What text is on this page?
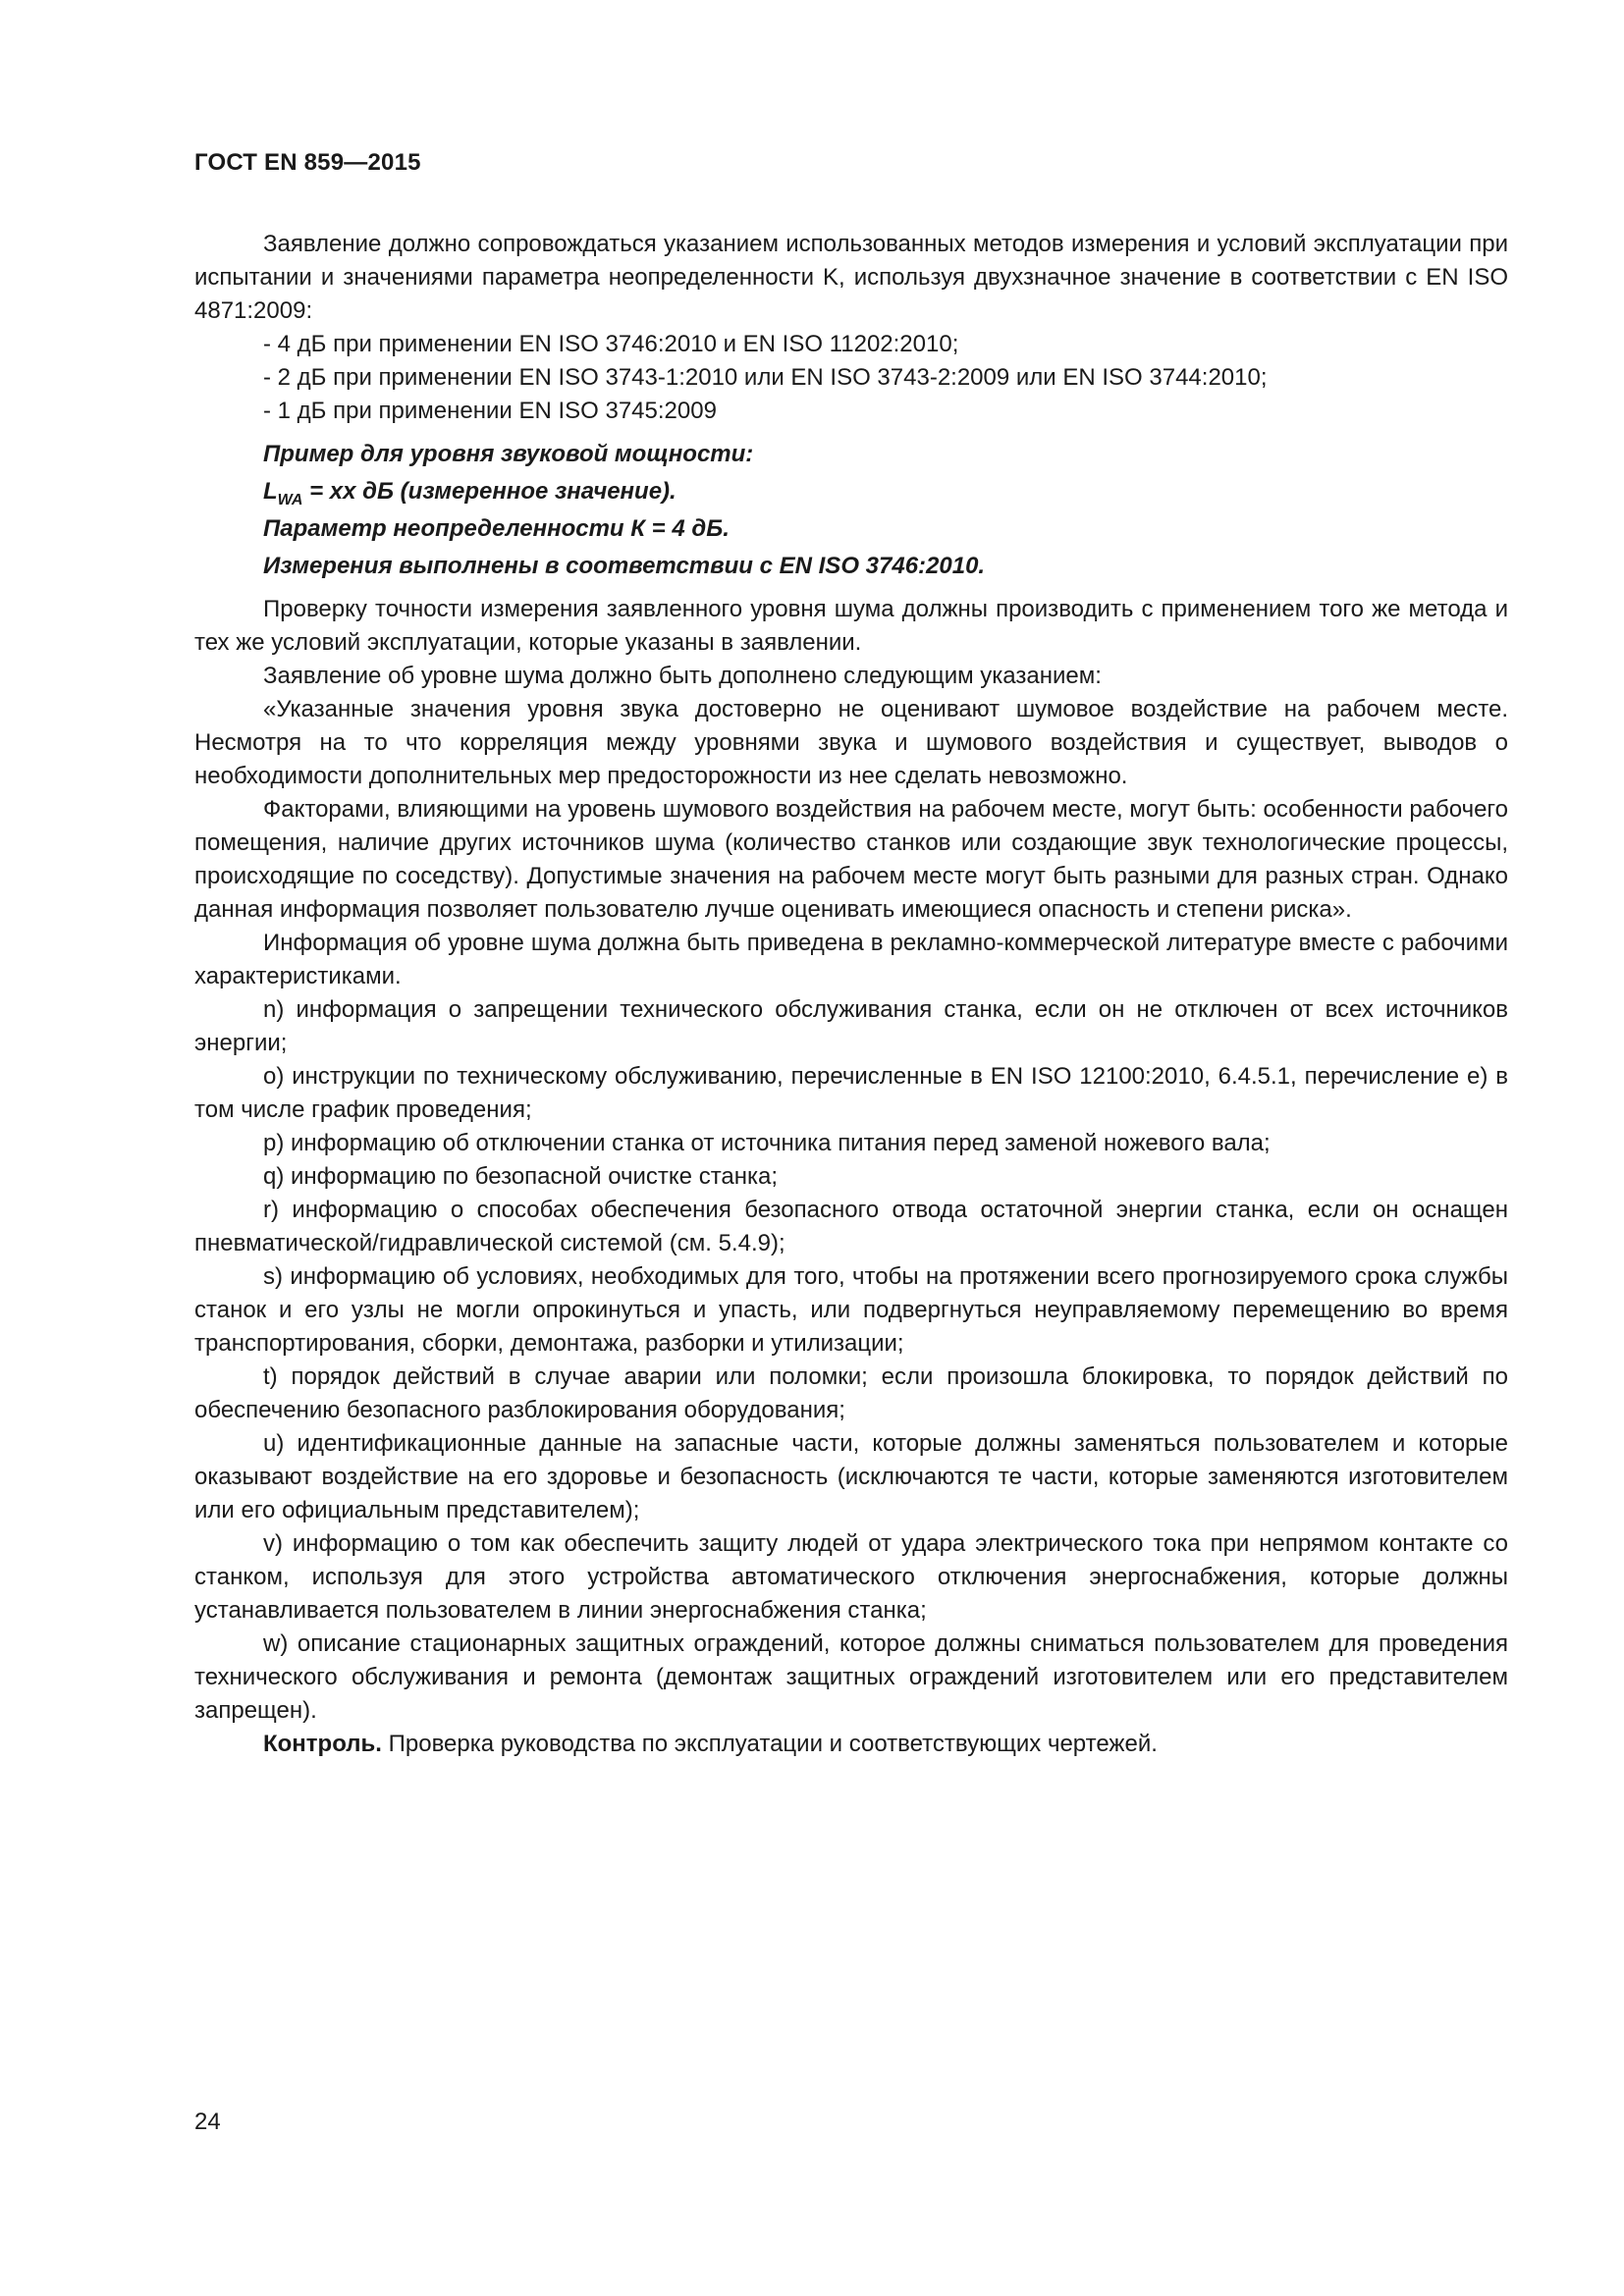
ГОСТ EN 859—2015

Заявление должно сопровождаться указанием использованных методов измерения и условий эксплуатации при испытании и значениями параметра неопределенности K, используя двухзначное значение в соответствии с EN ISO 4871:2009:

- 4 дБ при применении EN ISO 3746:2010 и EN ISO 11202:2010;

- 2 дБ при применении EN ISO 3743-1:2010 или EN ISO 3743-2:2009 или EN ISO 3744:2010;

- 1 дБ при применении EN ISO 3745:2009

Пример для уровня звуковой мощности:

$L_{WA}$ = xx дБ (измеренное значение).

Параметр неопределенности К = 4 дБ.

Измерения выполнены в соответствии с EN ISO 3746:2010.

Проверку точности измерения заявленного уровня шума должны производить с применением того же метода и тех же условий эксплуатации, которые указаны в заявлении.

Заявление об уровне шума должно быть дополнено следующим указанием:

«Указанные значения уровня звука достоверно не оценивают шумовое воздействие на рабочем месте. Несмотря на то что корреляция между уровнями звука и шумового воздействия и существует, выводов о необходимости дополнительных мер предосторожности из нее сделать невозможно.

Факторами, влияющими на уровень шумового воздействия на рабочем месте, могут быть: особенности рабочего помещения, наличие других источников шума (количество станков или создающие звук технологические процессы, происходящие по соседству). Допустимые значения на рабочем месте могут быть разными для разных стран. Однако данная информация позволяет пользователю лучше оценивать имеющиеся опасность и степени риска».

Информация об уровне шума должна быть приведена в рекламно-коммерческой литературе вместе с рабочими характеристиками.

n) информация о запрещении технического обслуживания станка, если он не отключен от всех источников энергии;

o) инструкции по техническому обслуживанию, перечисленные в EN ISO 12100:2010, 6.4.5.1, перечисление e) в том числе график проведения;

p) информацию об отключении станка от источника питания перед заменой ножевого вала;

q) информацию по безопасной очистке станка;

r) информацию о способах обеспечения безопасного отвода остаточной энергии станка, если он оснащен пневматической/гидравлической системой (см. 5.4.9);

s) информацию об условиях, необходимых для того, чтобы на протяжении всего прогнозируемого срока службы станок и его узлы не могли опрокинуться и упасть, или подвергнуться неуправляемому перемещению во время транспортирования, сборки, демонтажа, разборки и утилизации;

t) порядок действий в случае аварии или поломки; если произошла блокировка, то порядок действий по обеспечению безопасного разблокирования оборудования;

u) идентификационные данные на запасные части, которые должны заменяться пользователем и которые оказывают воздействие на его здоровье и безопасность (исключаются те части, которые заменяются изготовителем или его официальным представителем);

v) информацию о том как обеспечить защиту людей от удара электрического тока при непрямом контакте со станком, используя для этого устройства автоматического отключения энергоснабжения, которые должны устанавливается пользователем в линии энергоснабжения станка;

w) описание стационарных защитных ограждений, которое должны сниматься пользователем для проведения технического обслуживания и ремонта (демонтаж защитных ограждений изготовителем или его представителем запрещен).

Контроль. Проверка руководства по эксплуатации и соответствующих чертежей.

24
